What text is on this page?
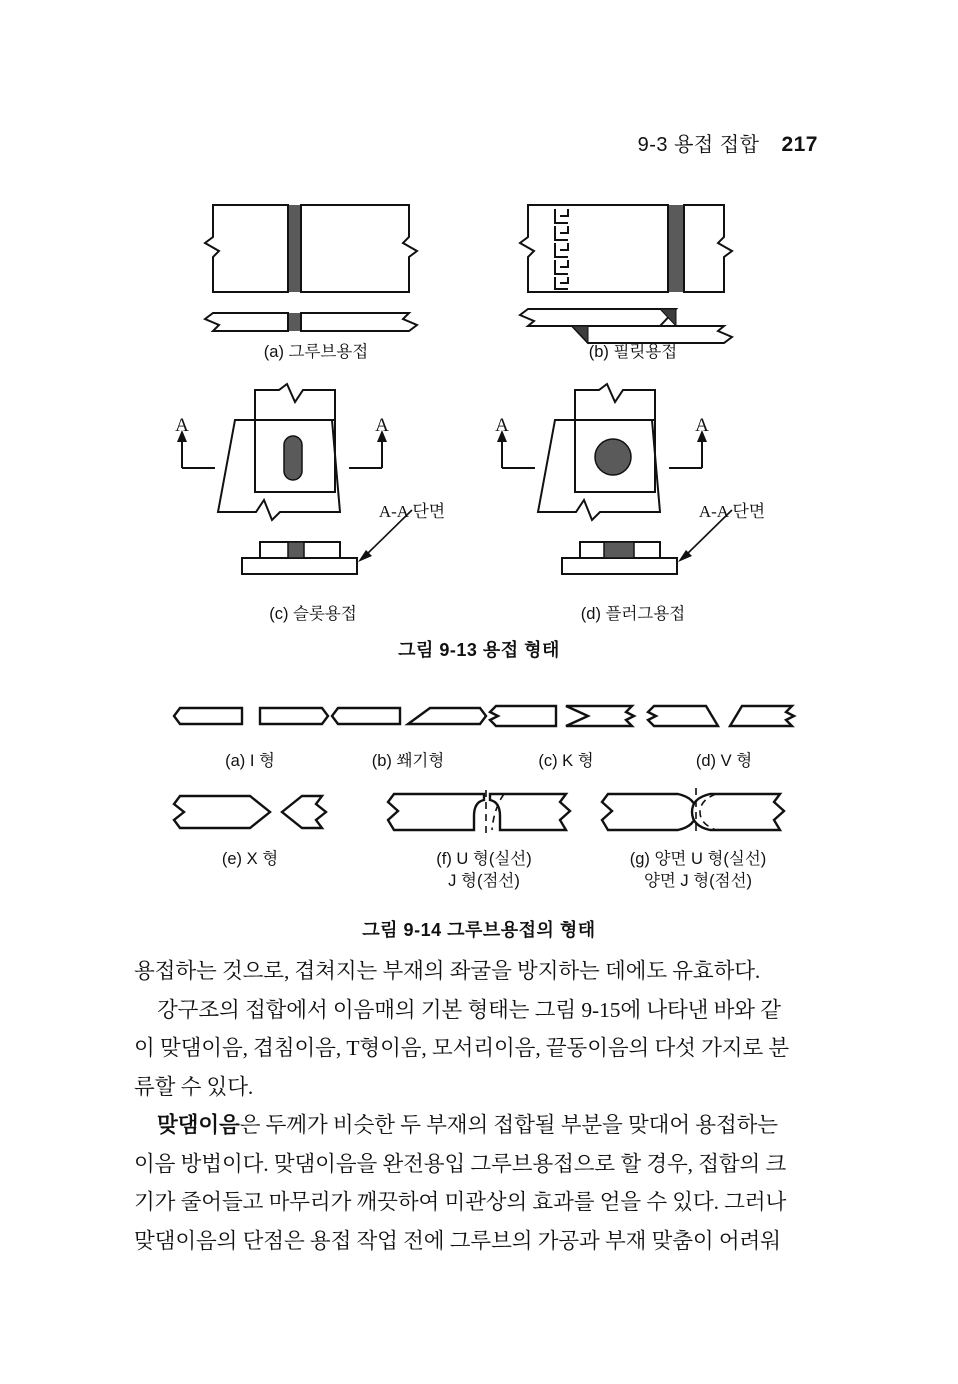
9-3 용접 접합 217
(a) 그루브용접	(b) 필릿용접
A	A
A-A 단면
(c) 슬롯용접
A	A
A-A 단면
(d) 플러그용접
그림 9-13 용접 형태
(a) I 형	(b) 쐐기형	(c) K 형	(d) V 형
(e) X 형	(f) U 형(실선)
J 형(점선)
(g) 양면 U 형(실선)
양면 J 형(점선)
그림 9-14 그루브용접의 형태

용접하는 것으로, 겹쳐지는 부재의 좌굴을 방지하는 데에도 유효하다.

강구조의 접합에서 이음매의 기본 형태는 그림 9-15에 나타낸 바와 같
이 맞댐이음, 겹침이음, T형이음, 모서리이음, 끝동이음의 다섯 가지로 분
류할 수 있다.

맞댐이음은 두께가 비슷한 두 부재의 접합될 부분을 맞대어 용접하는
이음 방법이다. 맞댐이음을 완전용입 그루브용접으로 할 경우, 접합의 크
기가 줄어들고 마무리가 깨끗하여 미관상의 효과를 얻을 수 있다. 그러나
맞댐이음의 단점은 용접 작업 전에 그루브의 가공과 부재 맞춤이 어려워
